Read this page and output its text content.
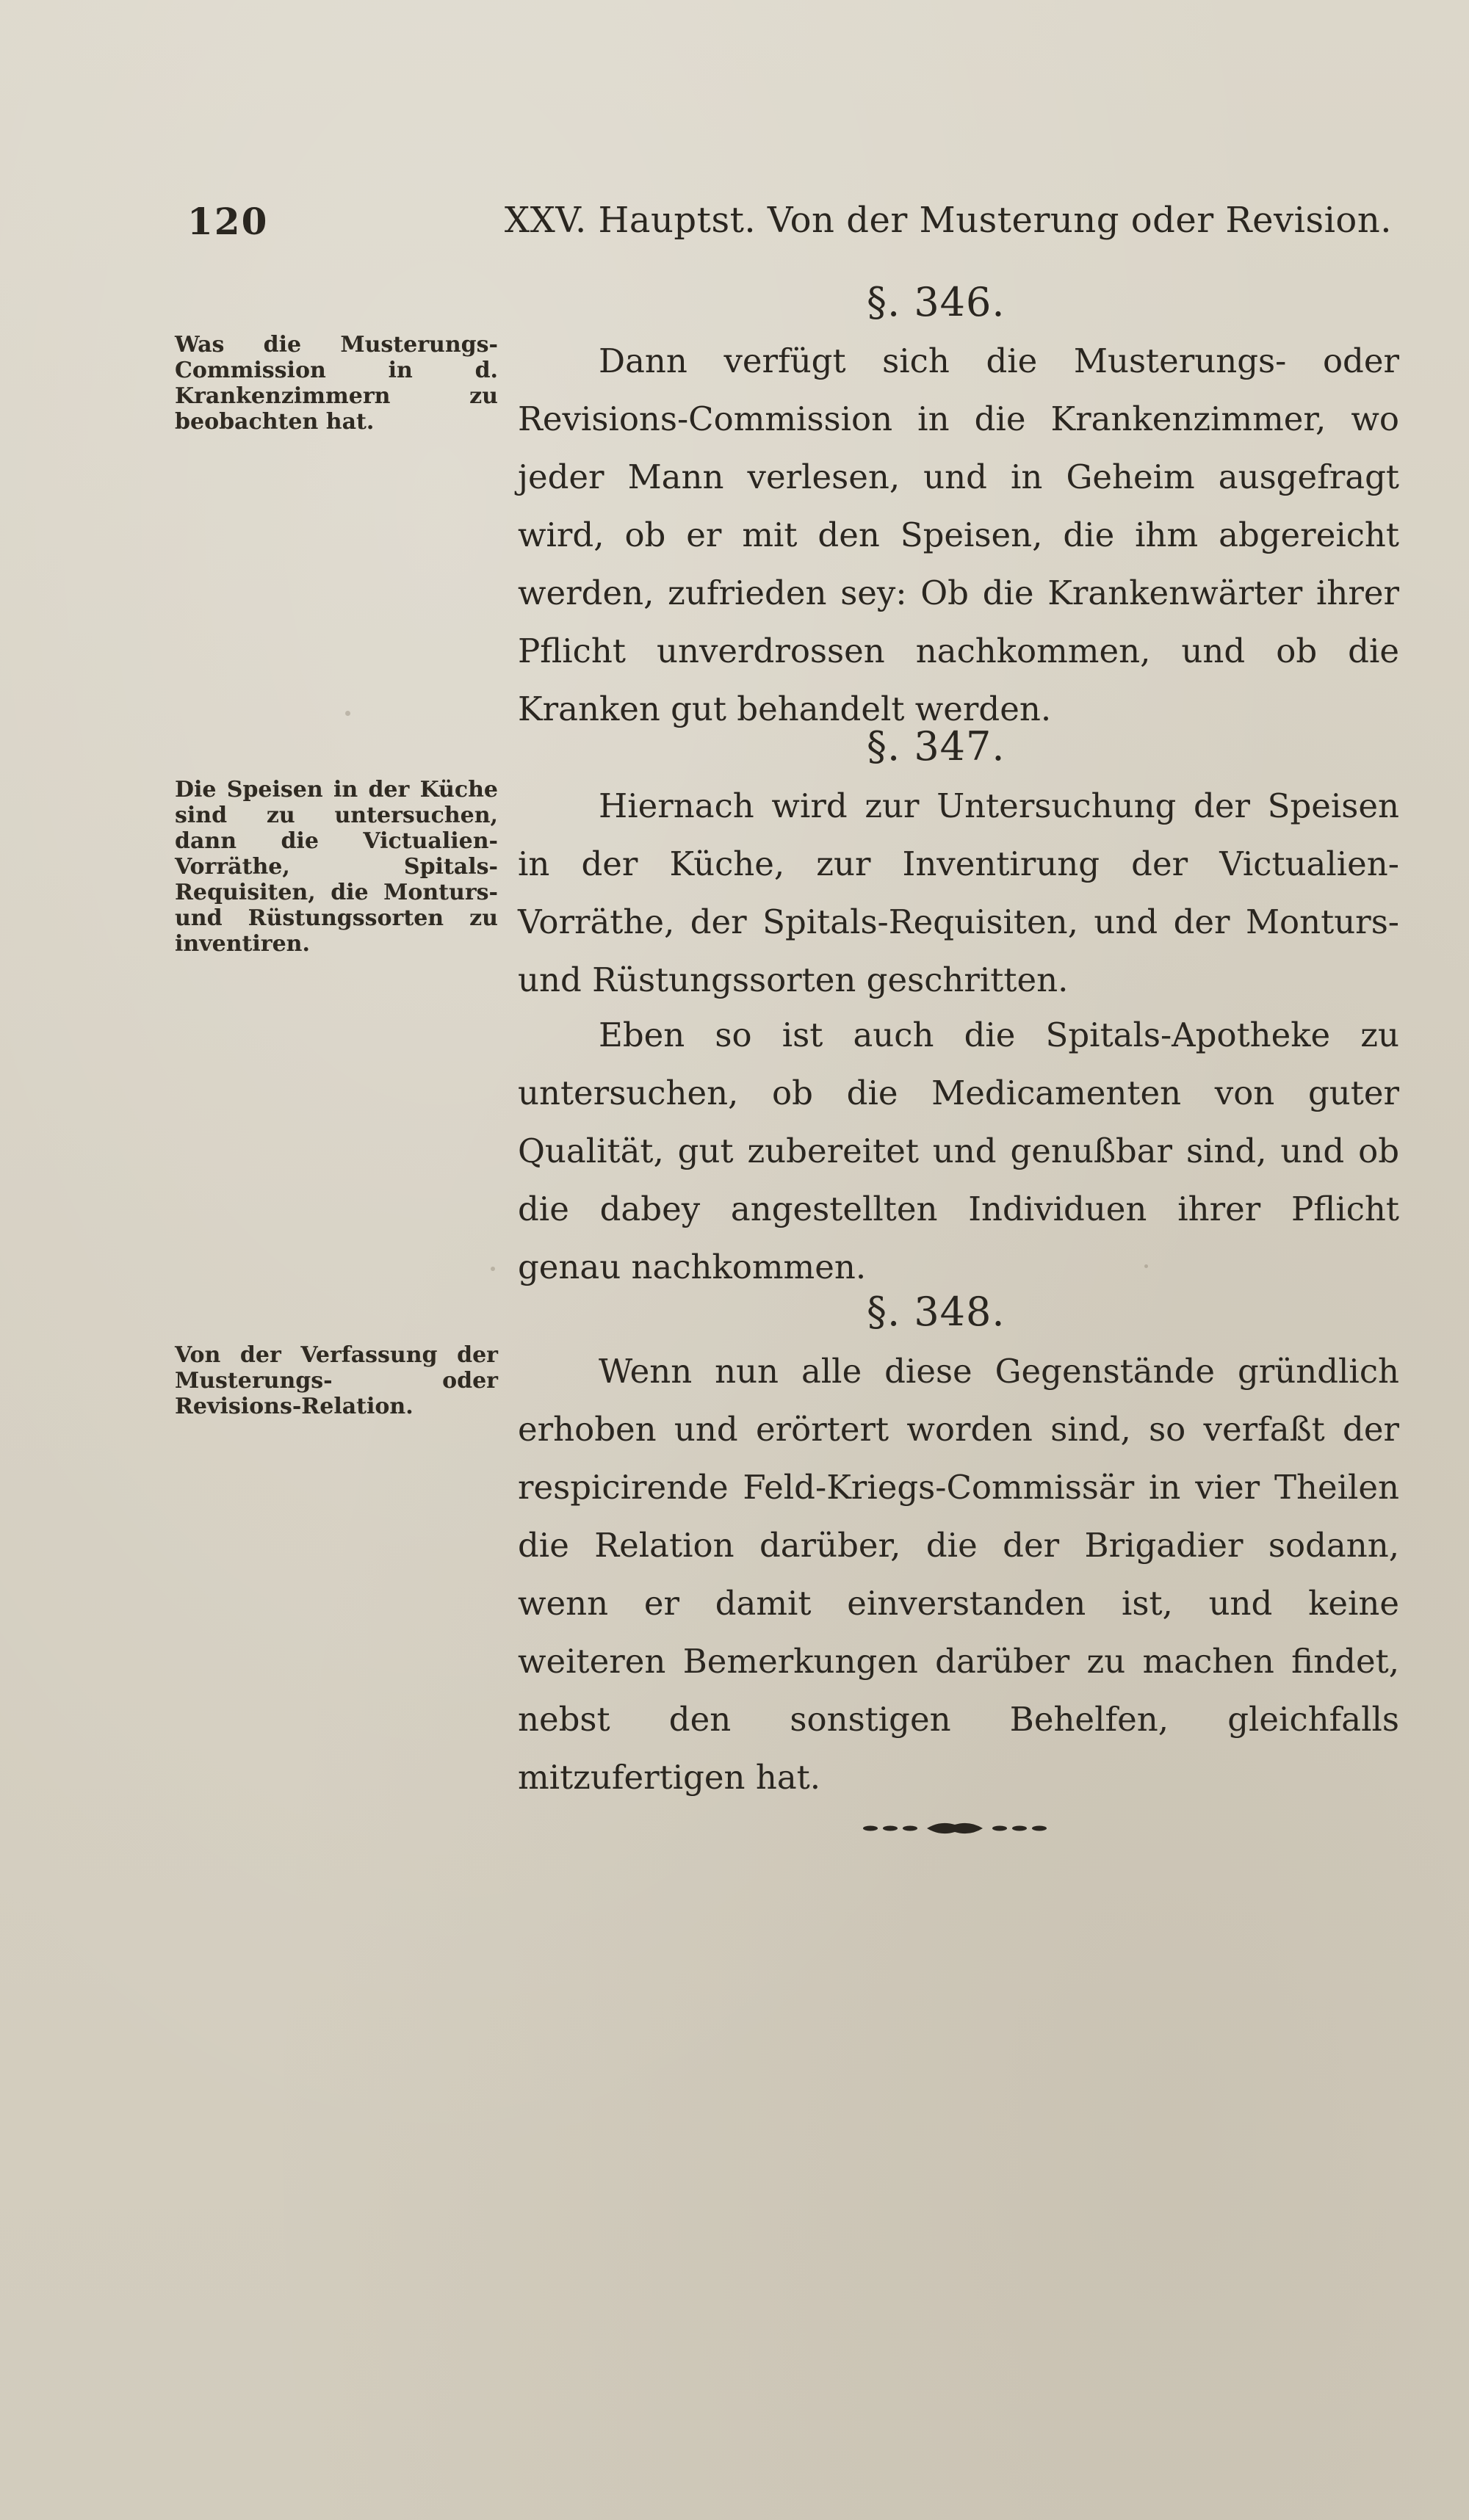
120	XXV. Hauptst. Von der Musterung oder Revision.
§. 346.
Was die Musterungs-Commission in d. Krankenzimmern zu beobachten hat.

Dann verfügt sich die Musterungs- oder Revisions-Commission in die Krankenzimmer, wo jeder Mann verlesen, und in Geheim ausgefragt wird, ob er mit den Speisen, die ihm abgereicht werden, zufrieden sey: Ob die Krankenwärter ihrer Pflicht unverdrossen nachkommen, und ob die Kranken gut behandelt werden.

§. 347.
Die Speisen in der Küche sind zu untersuchen, dann die Victualien-Vorräthe, Spitals-Requisiten, die Monturs- und Rüstungssorten zu inventiren.

Hiernach wird zur Untersuchung der Speisen in der Küche, zur Inventirung der Victualien-Vorräthe, der Spitals-Requisiten, und der Monturs- und Rüstungssorten geschritten.

Eben so ist auch die Spitals-Apotheke zu untersuchen, ob die Medicamenten von guter Qualität, gut zubereitet und genußbar sind, und ob die dabey angestellten Individuen ihrer Pflicht genau nachkommen.

§. 348.
Von der Verfassung der Musterungs- oder Revisions-Relation.

Wenn nun alle diese Gegenstände gründlich erhoben und erörtert worden sind, so verfaßt der respicirende Feld-Kriegs-Commissär in vier Theilen die Relation darüber, die der Brigadier sodann, wenn er damit einverstanden ist, und keine weiteren Bemerkungen darüber zu machen findet, nebst den sonstigen Behelfen, gleichfalls mitzufertigen hat.
